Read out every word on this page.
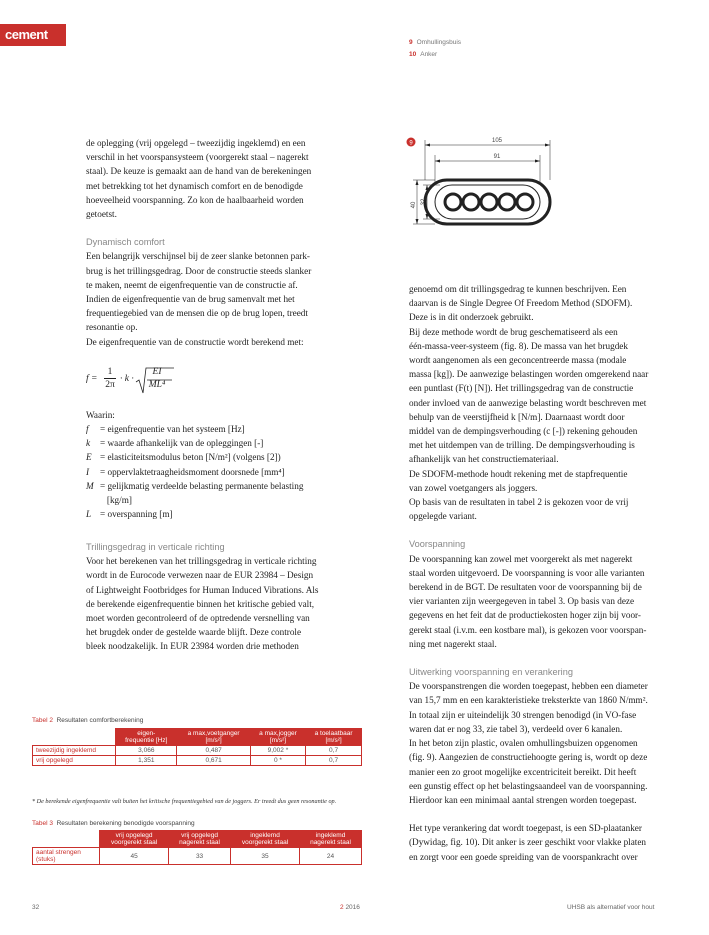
cement
9 Omhullingsbuis
10 Anker

de oplegging (vrij opgelegd – tweezijdig ingeklemd) en een

verschil in het voorspansysteem (voorgerekt staal – nagerekt

staal). De keuze is gemaakt aan de hand van de berekeningen

met betrekking tot het dynamisch comfort en de benodigde

hoeveelheid voorspanning. Zo kon de haalbaarheid worden

getoetst.

Dynamisch comfort

Een belangrijk verschijnsel bij de zeer slanke betonnen park-

brug is het trillingsgedrag. Door de constructie steeds slanker

te maken, neemt de eigenfrequentie van de constructie af.

Indien de eigenfrequentie van de brug samenvalt met het

frequentiegebied van de mensen die op de brug lopen, treedt

resonantie op.

De eigenfrequentie van de constructie wordt berekend met:

f =
1
2π
· k ·
EI
ML⁴

Waarin:

f	= eigenfrequentie van het systeem [Hz]
k	= waarde afhankelijk van de opleggingen [-]
E = elasticiteitsmodulus beton [N/m²] (volgens [2])
I	= oppervlaktetraagheidsmoment doorsnede [mm⁴]
M = gelijkmatig verdeelde belasting permanente belasting
[kg/m]
L = overspanning [m]
Trillingsgedrag in verticale richting

Voor het berekenen van het trillingsgedrag in verticale richting

wordt in de Eurocode verwezen naar de EUR 23984 – Design

of Lightweight Footbridges for Human Induced Vibrations. Als

de berekende eigenfrequentie binnen het kritische gebied valt,

moet worden gecontroleerd of de optredende versnelling van

het brugdek onder de gestelde waarde blijft. Deze controle

bleek noodzakelijk. In EUR 23984 worden drie methoden

9	105
91
40 32

genoemd om dit trillingsgedrag te kunnen beschrijven. Een

daarvan is de Single Degree Of Freedom Method (SDOFM).

Deze is in dit onderzoek gebruikt.

Bij deze methode wordt de brug geschematiseerd als een

één-massa-veer-systeem (fig. 8). De massa van het brugdek

wordt aangenomen als een geconcentreerde massa (modale

massa [kg]). De aanwezige belastingen worden omgerekend naar

een puntlast (F(t) [N]). Het trillingsgedrag van de constructie

onder invloed van de aanwezige belasting wordt beschreven met

behulp van de veerstijfheid k [N/m]. Daarnaast wordt door

middel van de dempingsverhouding (c [-]) rekening gehouden

met het uitdempen van de trilling. De dempingsverhouding is

afhankelijk van het constructiemateriaal.

De SDOFM-methode houdt rekening met de stapfrequentie

van zowel voetgangers als joggers.

Op basis van de resultaten in tabel 2 is gekozen voor de vrij

opgelegde variant.

Voorspanning

De voorspanning kan zowel met voorgerekt als met nagerekt

staal worden uitgevoerd. De voorspanning is voor alle varianten

berekend in de BGT. De resultaten voor de voorspanning bij de

vier varianten zijn weergegeven in tabel 3. Op basis van deze

gegevens en het feit dat de productiekosten hoger zijn bij voor-

gerekt staal (i.v.m. een kostbare mal), is gekozen voor voorspan-

ning met nagerekt staal.

Uitwerking voorspanning en verankering

De voorspanstrengen die worden toegepast, hebben een diameter

van 15,7 mm en een karakteristieke treksterkte van 1860 N/mm².

In totaal zijn er uiteindelijk 30 strengen benodigd (in VO-fase

waren dat er nog 33, zie tabel 3), verdeeld over 6 kanalen.

In het beton zijn plastic, ovalen omhullingsbuizen opgenomen

(fig. 9). Aangezien de constructiehoogte gering is, wordt op deze

manier een zo groot mogelijke excentriciteit bereikt. Dit heeft

een gunstig effect op het belastingsaandeel van de voorspanning.

Hierdoor kan een minimaal aantal strengen worden toegepast.

Het type verankering dat wordt toegepast, is een SD-plaatanker

(Dywidag, fig. 10). Dit anker is zeer geschikt voor vlakke platen

en zorgt voor een goede spreiding van de voorspankracht over

Tabel 2 Resultaten comfortberekening
	eigen-
frequentie [Hz]	a max,voetganger
[m/s²]	a max,jogger
[m/s²]	a toelaatbaar
[m/s²]
tweezijdig ingeklemd	3,066	0,487	9,002 *	0,7
vrij opgelegd	1,351	0,671	0 *	0,7
* De berekende eigenfrequentie valt buiten het kritische frequentiegebied van de joggers. Er treedt dus geen resonantie op.
Tabel 3 Resultaten berekening benodigde voorspanning
	vrij opgelegd
voorgerekt staal	vrij opgelegd
nagerekt staal	ingeklemd
voorgerekt staal	ingeklemd
nagerekt staal
aantal strengen
(stuks)	45	33	35	24
32	2 2016	UHSB als alternatief voor hout
